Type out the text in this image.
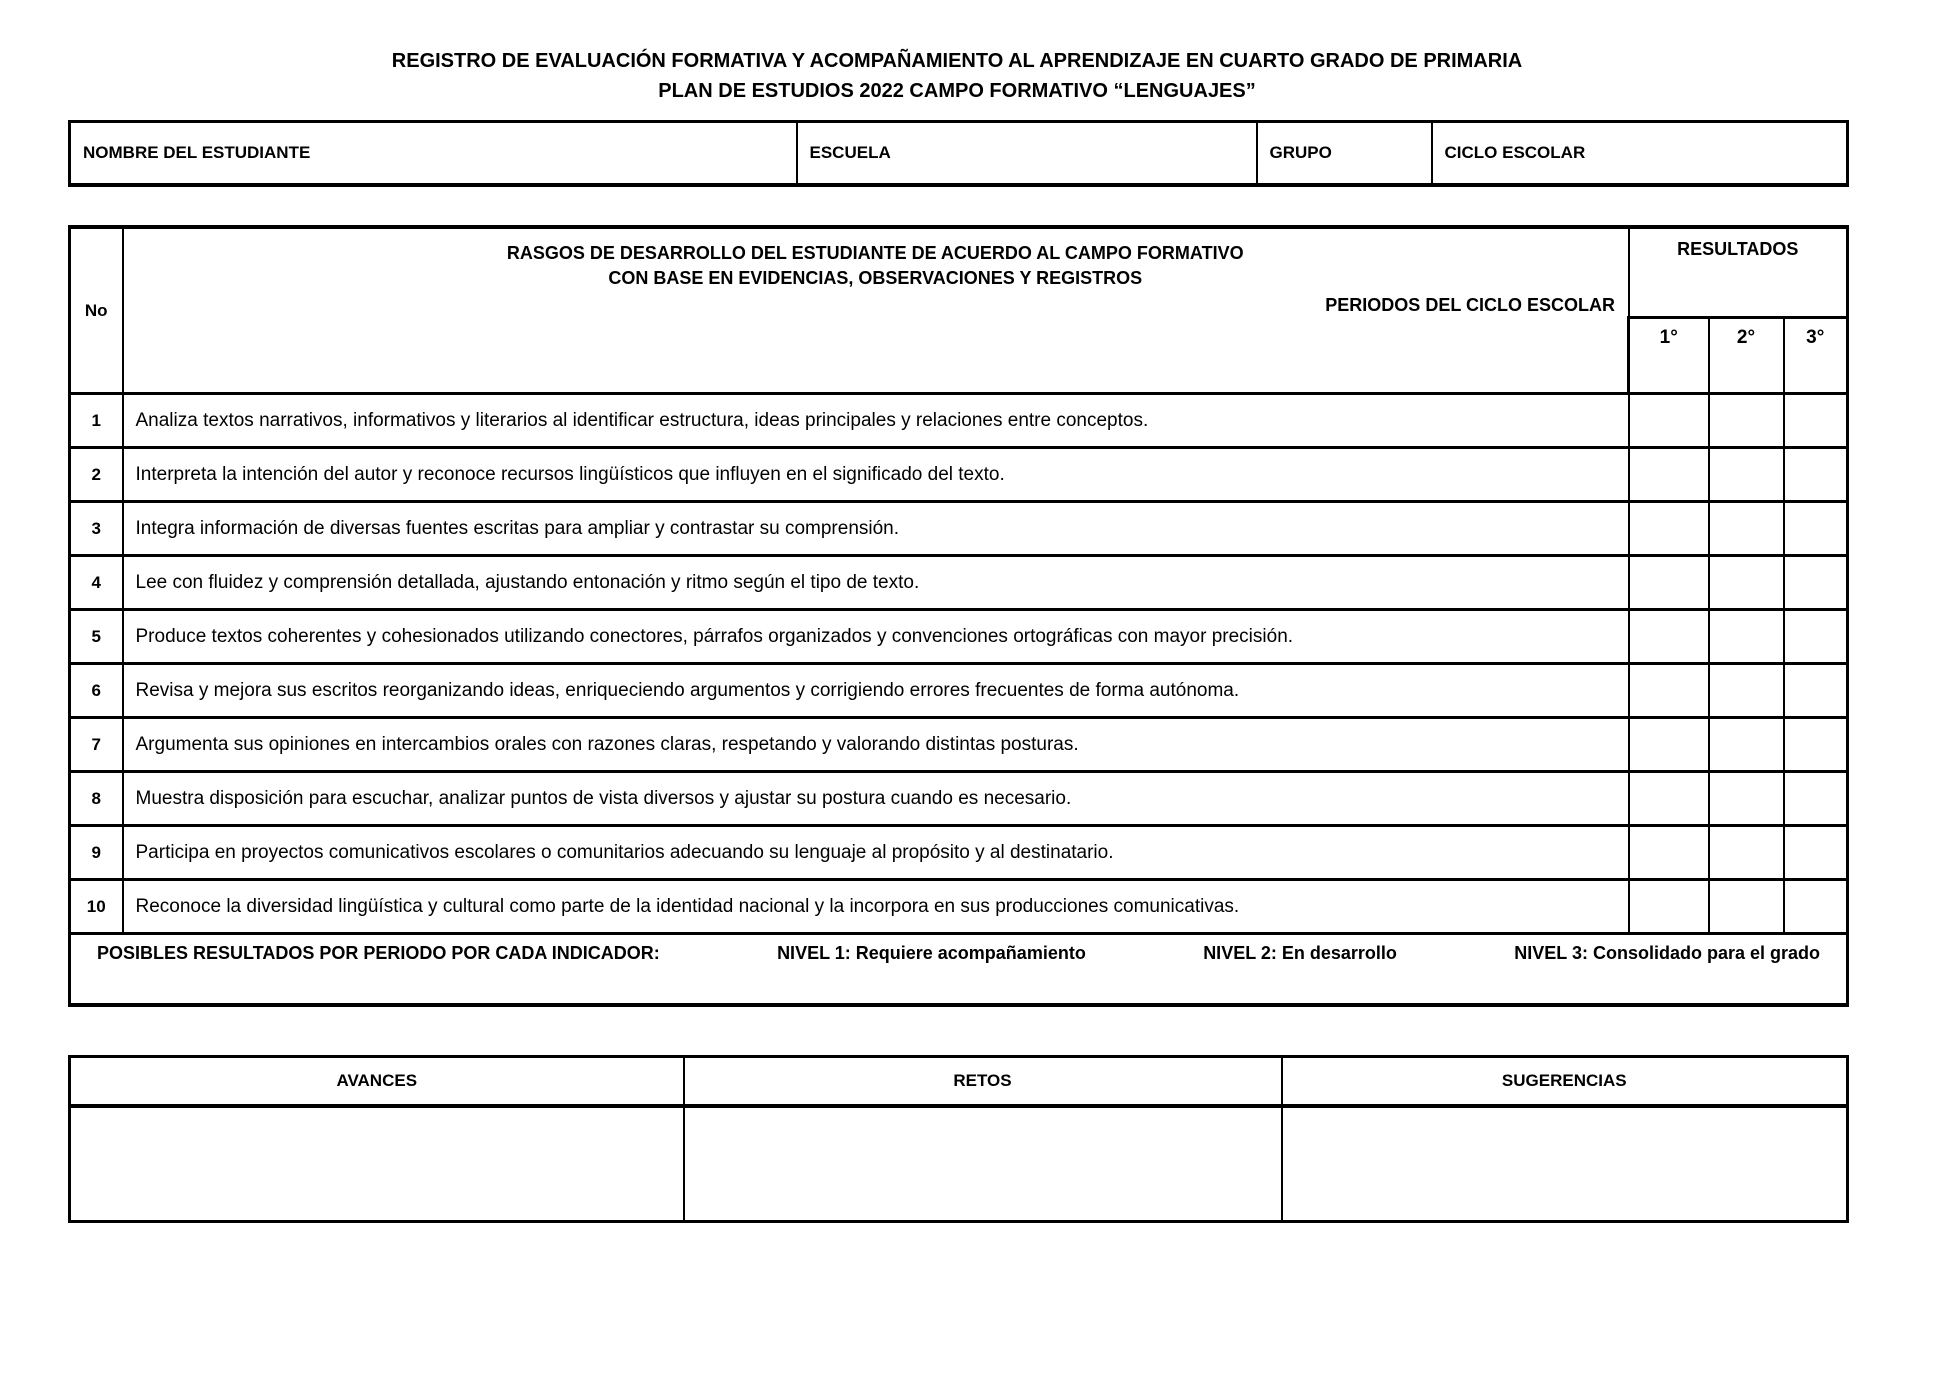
REGISTRO DE EVALUACIÓN FORMATIVA Y ACOMPAÑAMIENTO AL APRENDIZAJE EN CUARTO GRADO DE PRIMARIA
PLAN DE ESTUDIOS 2022 CAMPO FORMATIVO “LENGUAJES”
NOMBRE DEL ESTUDIANTE	ESCUELA	GRUPO	CICLO ESCOLAR
No	RASGOS DE DESARROLLO DEL ESTUDIANTE DE ACUERDO AL CAMPO FORMATIVO
CON BASE EN EVIDENCIAS, OBSERVACIONES Y REGISTROS
PERIODOS DEL CICLO ESCOLAR	RESULTADOS		
		1°	2°	3°
1	Analiza textos narrativos, informativos y literarios al identificar estructura, ideas principales y relaciones entre conceptos.			
2	Interpreta la intención del autor y reconoce recursos lingüísticos que influyen en el significado del texto.			
3	Integra información de diversas fuentes escritas para ampliar y contrastar su comprensión.			
4	Lee con fluidez y comprensión detallada, ajustando entonación y ritmo según el tipo de texto.			
5	Produce textos coherentes y cohesionados utilizando conectores, párrafos organizados y convenciones ortográficas con mayor precisión.			
6	Revisa y mejora sus escritos reorganizando ideas, enriqueciendo argumentos y corrigiendo errores frecuentes de forma autónoma.			
7	Argumenta sus opiniones en intercambios orales con razones claras, respetando y valorando distintas posturas.			
8	Muestra disposición para escuchar, analizar puntos de vista diversos y ajustar su postura cuando es necesario.			
9	Participa en proyectos comunicativos escolares o comunitarios adecuando su lenguaje al propósito y al destinatario.			
10	Reconoce la diversidad lingüística y cultural como parte de la identidad nacional y la incorpora en sus producciones comunicativas.			

POSIBLES RESULTADOS POR PERIODO POR CADA INDICADOR: NIVEL 1: Requiere acompañamiento NIVEL 2: En desarrollo NIVEL 3: Consolidado para el grado				
AVANCES	RETOS	SUGERENCIAS
